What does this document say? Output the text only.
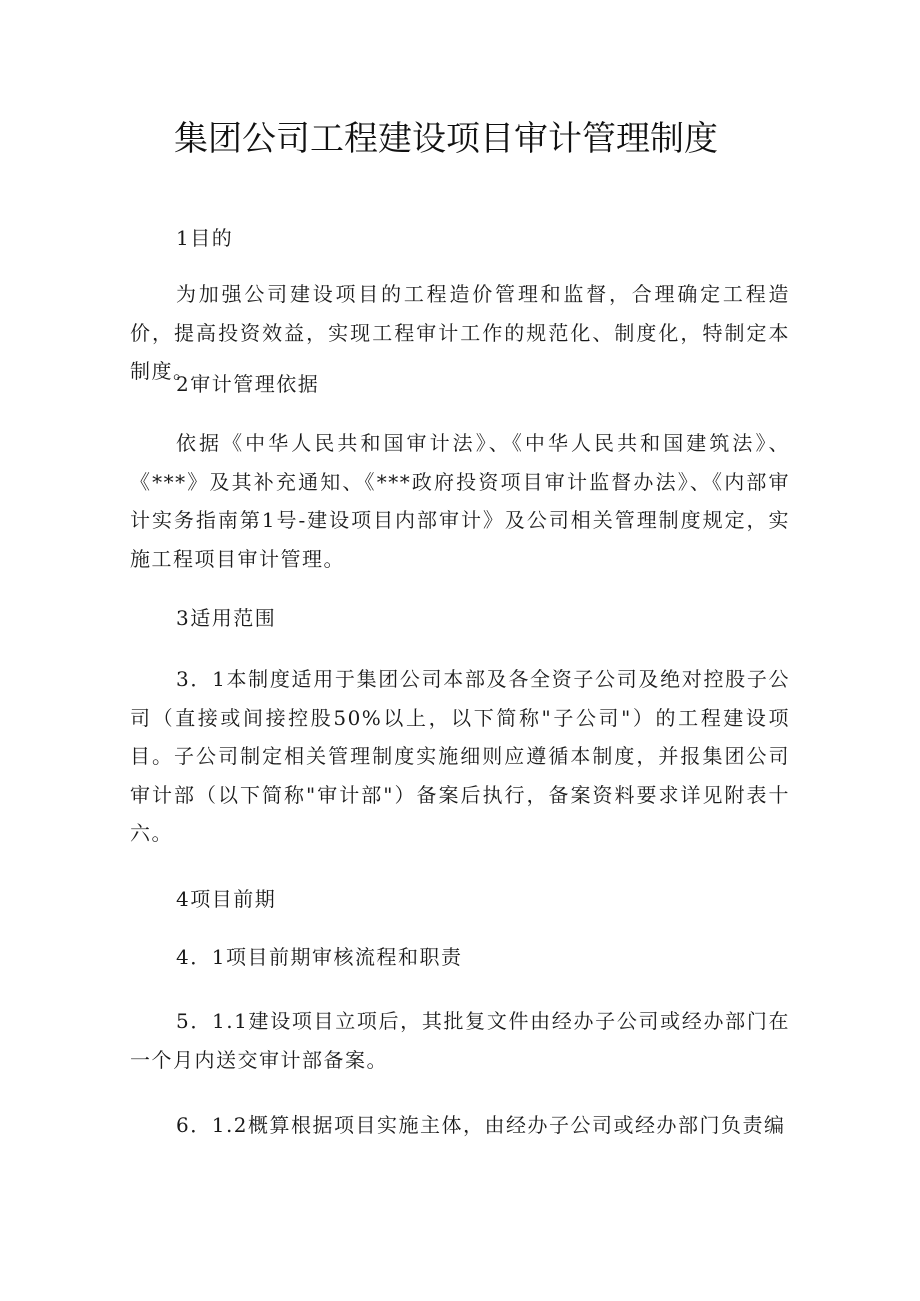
集团公司工程建设项目审计管理制度

1目的

为加强公司建设项目的工程造价管理和监督，合理确定工程造价，提高投资效益，实现工程审计工作的规范化、制度化，特制定本制度。

2审计管理依据

依据《中华人民共和国审计法》、《中华人民共和国建筑法》、《***》及其补充通知、《***政府投资项目审计监督办法》、《内部审计实务指南第1号-建设项目内部审计》及公司相关管理制度规定，实施工程项目审计管理。

3适用范围

3．1本制度适用于集团公司本部及各全资子公司及绝对控股子公司（直接或间接控股50%以上，以下简称"子公司"）的工程建设项目。子公司制定相关管理制度实施细则应遵循本制度，并报集团公司审计部（以下简称"审计部"）备案后执行，备案资料要求详见附表十六。

4项目前期

4．1项目前期审核流程和职责

5．1.1建设项目立项后，其批复文件由经办子公司或经办部门在一个月内送交审计部备案。

6．1.2概算根据项目实施主体，由经办子公司或经办部门负责编
